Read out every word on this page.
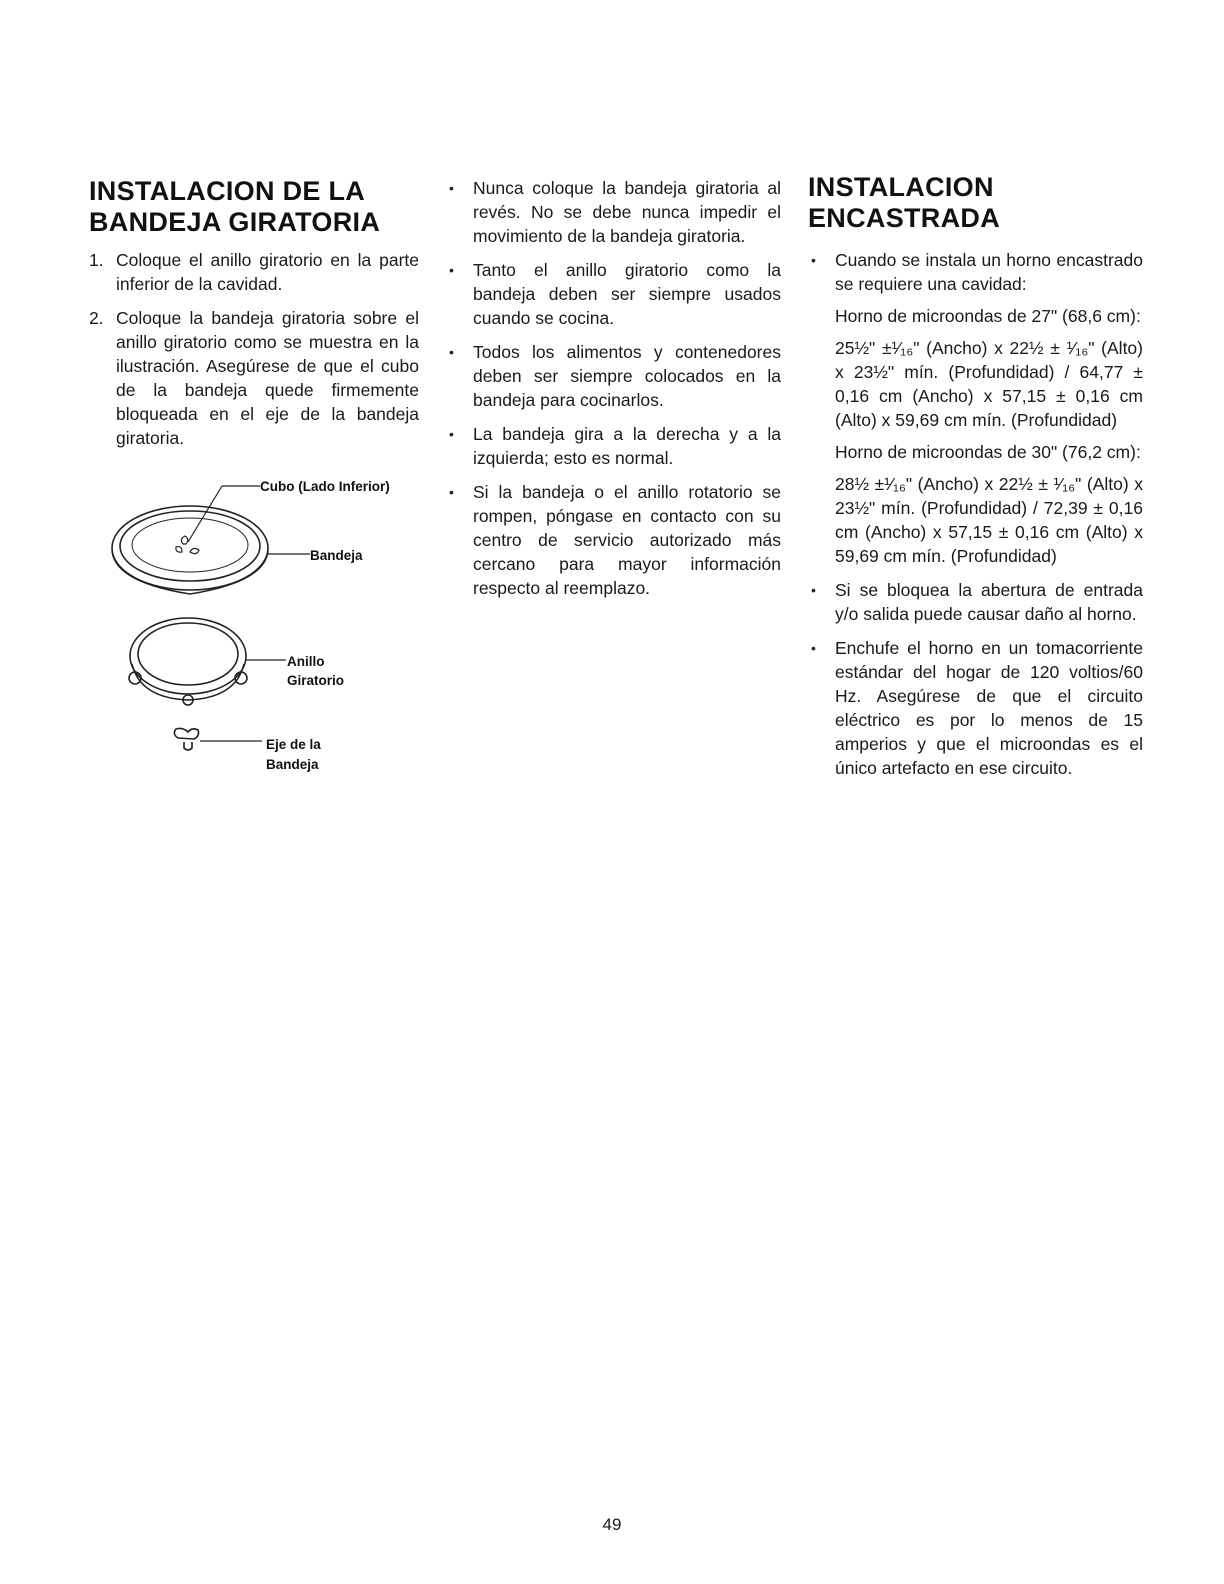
INSTALACION DE LA BANDEJA GIRATORIA
1. Coloque el anillo giratorio en la parte inferior de la cavidad.
2. Coloque la bandeja giratoria sobre el anillo giratorio como se muestra en la ilustración. Asegúrese de que el cubo de la bandeja quede firmemente bloqueada en el eje de la bandeja giratoria.
Cubo (Lado Inferior)
Bandeja
Anillo
Giratorio
Eje de la
Bandeja
• Nunca coloque la bandeja giratoria al revés. No se debe nunca impedir el movimiento de la bandeja giratoria.
• Tanto el anillo giratorio como la bandeja deben ser siempre usados cuando se cocina.
• Todos los alimentos y contenedores deben ser siempre colocados en la bandeja para cocinarlos.
• La bandeja gira a la derecha y a la izquierda; esto es normal.
• Si la bandeja o el anillo rotatorio se rompen, póngase en contacto con su centro de servicio autorizado más cercano para mayor información respecto al reemplazo.
INSTALACION ENCASTRADA
• Cuando se instala un horno encastrado se requiere una cavidad:

Horno de microondas de 27" (68,6 cm):

25½" ±¹⁄₁₆" (Ancho) x 22½ ± ¹⁄₁₆" (Alto) x 23½" mín. (Profundidad) / 64,77 ± 0,16 cm (Ancho) x 57,15 ± 0,16 cm (Alto) x 59,69 cm mín. (Profundidad)

Horno de microondas de 30" (76,2 cm):

28½ ±¹⁄₁₆" (Ancho) x 22½ ± ¹⁄₁₆" (Alto) x 23½" mín. (Profundidad) / 72,39 ± 0,16 cm (Ancho) x 57,15 ± 0,16 cm (Alto) x 59,69 cm mín. (Profundidad)

• Si se bloquea la abertura de entrada y/o salida puede causar daño al horno.
• Enchufe el horno en un tomacorriente estándar del hogar de 120 voltios/60 Hz. Asegúrese de que el circuito eléctrico es por lo menos de 15 amperios y que el microondas es el único artefacto en ese circuito.
49
